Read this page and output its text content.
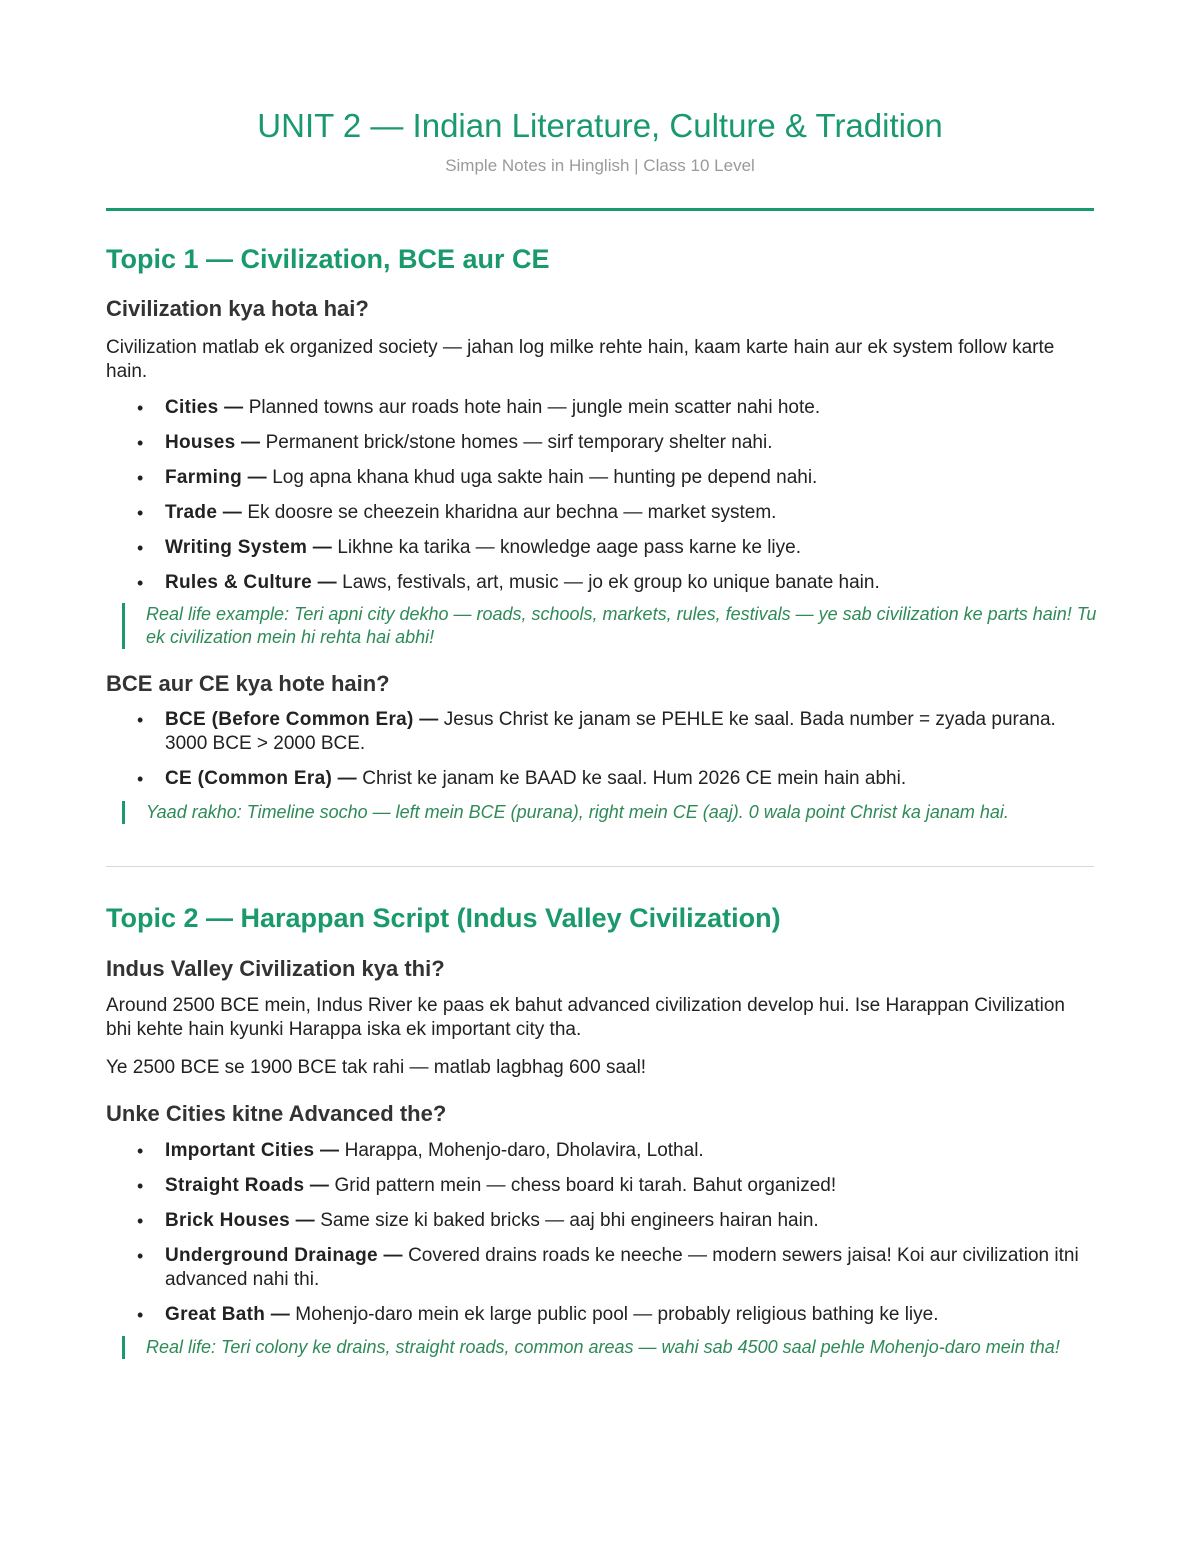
UNIT 2 — Indian Literature, Culture & Tradition
Simple Notes in Hinglish | Class 10 Level
Topic 1 — Civilization, BCE aur CE
Civilization kya hota hai?
Civilization matlab ek organized society — jahan log milke rehte hain, kaam karte hain aur ek system follow karte hain.
• Cities — Planned towns aur roads hote hain — jungle mein scatter nahi hote.
• Houses — Permanent brick/stone homes — sirf temporary shelter nahi.
• Farming — Log apna khana khud uga sakte hain — hunting pe depend nahi.
• Trade — Ek doosre se cheezein kharidna aur bechna — market system.
• Writing System — Likhne ka tarika — knowledge aage pass karne ke liye.
• Rules & Culture — Laws, festivals, art, music — jo ek group ko unique banate hain.
Real life example: Teri apni city dekho — roads, schools, markets, rules, festivals — ye sab civilization ke parts hain! Tu ek civilization mein hi rehta hai abhi!
BCE aur CE kya hote hain?
• BCE (Before Common Era) — Jesus Christ ke janam se PEHLE ke saal. Bada number = zyada purana. 3000 BCE > 2000 BCE.
• CE (Common Era) — Christ ke janam ke BAAD ke saal. Hum 2026 CE mein hain abhi.
Yaad rakho: Timeline socho — left mein BCE (purana), right mein CE (aaj). 0 wala point Christ ka janam hai.
Topic 2 — Harappan Script (Indus Valley Civilization)
Indus Valley Civilization kya thi?
Around 2500 BCE mein, Indus River ke paas ek bahut advanced civilization develop hui. Ise Harappan Civilization bhi kehte hain kyunki Harappa iska ek important city tha.
Ye 2500 BCE se 1900 BCE tak rahi — matlab lagbhag 600 saal!
Unke Cities kitne Advanced the?
• Important Cities — Harappa, Mohenjo-daro, Dholavira, Lothal.
• Straight Roads — Grid pattern mein — chess board ki tarah. Bahut organized!
• Brick Houses — Same size ki baked bricks — aaj bhi engineers hairan hain.
• Underground Drainage — Covered drains roads ke neeche — modern sewers jaisa! Koi aur civilization itni advanced nahi thi.
• Great Bath — Mohenjo-daro mein ek large public pool — probably religious bathing ke liye.
Real life: Teri colony ke drains, straight roads, common areas — wahi sab 4500 saal pehle Mohenjo-daro mein tha!
